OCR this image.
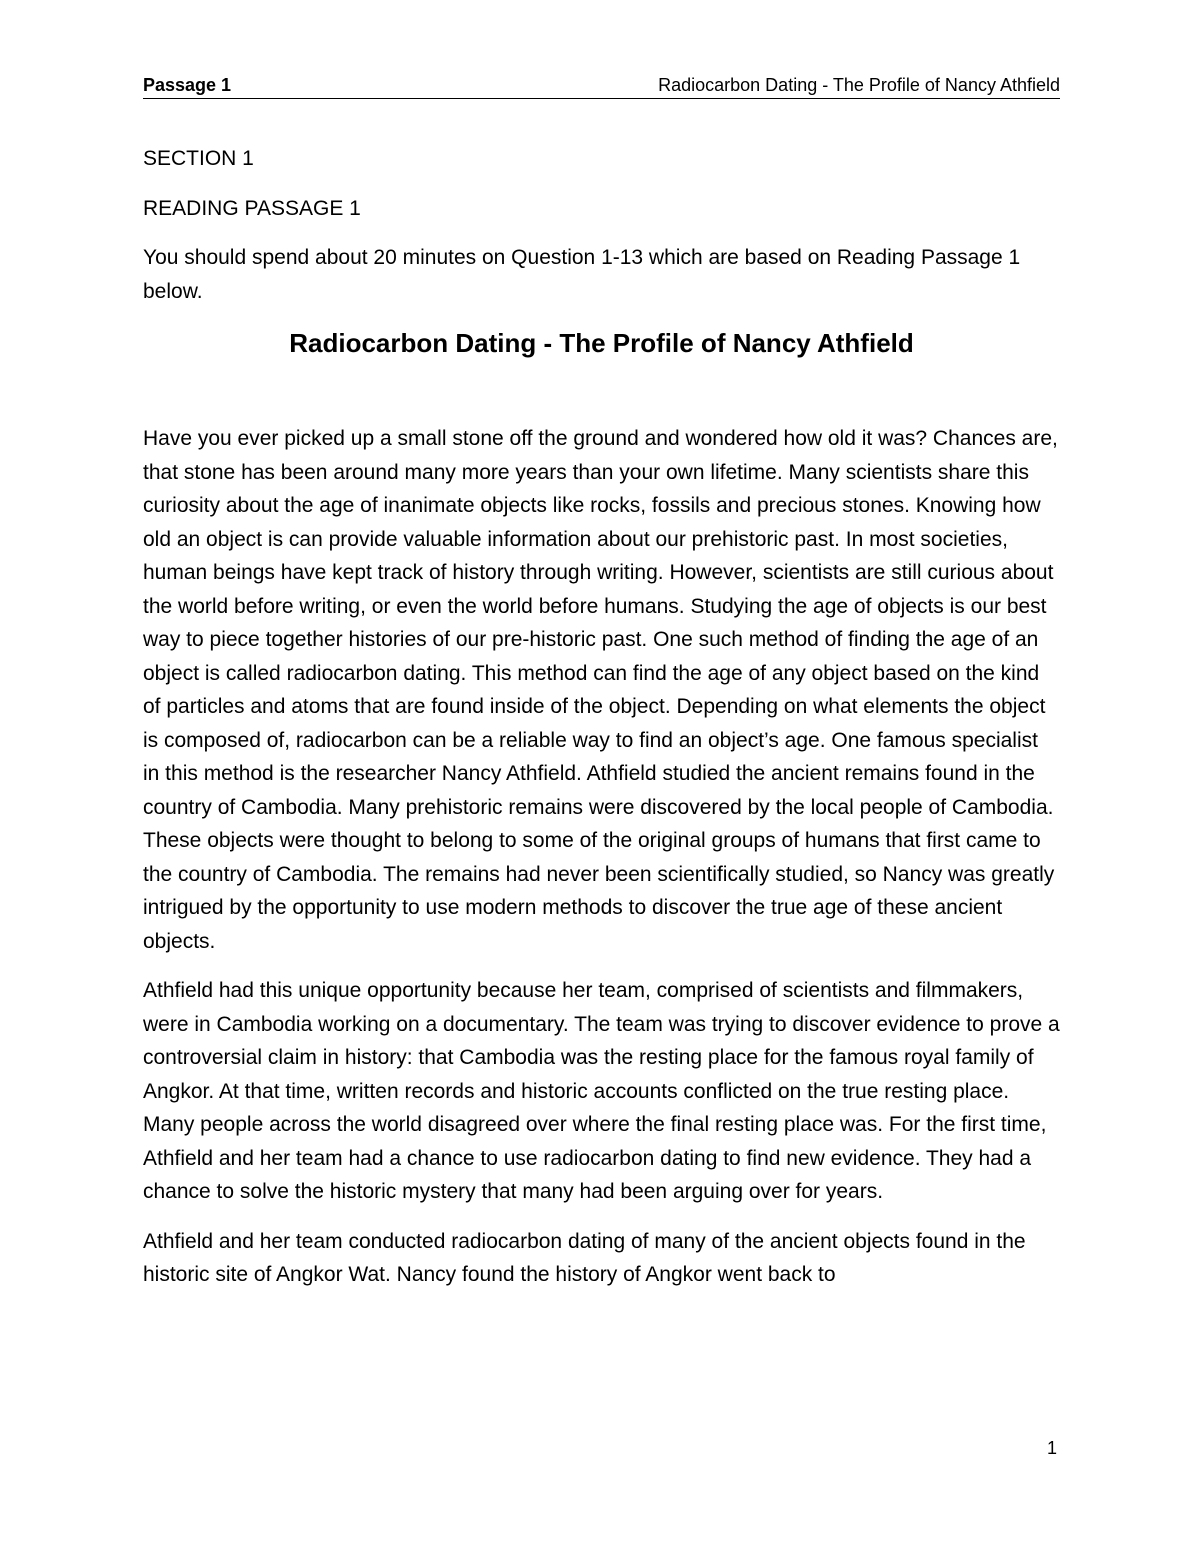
Passage 1	Radiocarbon Dating - The Profile of Nancy Athfield

SECTION 1

READING PASSAGE 1

You should spend about 20 minutes on Question 1-13 which are based on Reading Passage 1 below.

Radiocarbon Dating - The Profile of Nancy Athfield

Have you ever picked up a small stone off the ground and wondered how old it was? Chances are, that stone has been around many more years than your own lifetime. Many scientists share this curiosity about the age of inanimate objects like rocks, fossils and precious stones. Knowing how old an object is can provide valuable information about our prehistoric past. In most societies, human beings have kept track of history through writing. However, scientists are still curious about the world before writing, or even the world before humans. Studying the age of objects is our best way to piece together histories of our pre-historic past. One such method of finding the age of an object is called radiocarbon dating. This method can find the age of any object based on the kind of particles and atoms that are found inside of the object. Depending on what elements the object is composed of, radiocarbon can be a reliable way to find an object’s age. One famous specialist in this method is the researcher Nancy Athfield. Athfield studied the ancient remains found in the country of Cambodia. Many prehistoric remains were discovered by the local people of Cambodia. These objects were thought to belong to some of the original groups of humans that first came to the country of Cambodia. The remains had never been scientifically studied, so Nancy was greatly intrigued by the opportunity to use modern methods to discover the true age of these ancient objects.

Athfield had this unique opportunity because her team, comprised of scientists and filmmakers, were in Cambodia working on a documentary. The team was trying to discover evidence to prove a controversial claim in history: that Cambodia was the resting place for the famous royal family of Angkor. At that time, written records and historic accounts conflicted on the true resting place. Many people across the world disagreed over where the final resting place was. For the first time, Athfield and her team had a chance to use radiocarbon dating to find new evidence. They had a chance to solve the historic mystery that many had been arguing over for years.

Athfield and her team conducted radiocarbon dating of many of the ancient objects found in the historic site of Angkor Wat. Nancy found the history of Angkor went back to

1
